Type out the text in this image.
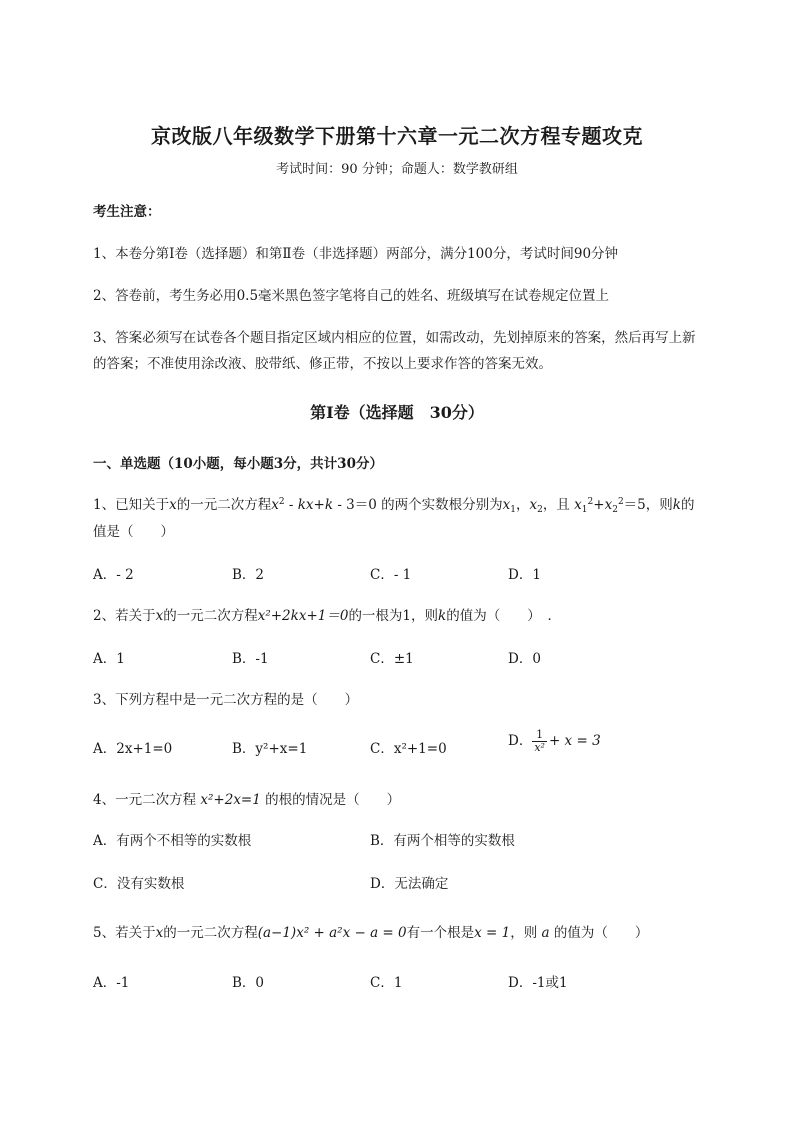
京改版八年级数学下册第十六章一元二次方程专题攻克
考试时间：90 分钟；命题人：数学教研组
考生注意：
1、本卷分第Ⅰ卷（选择题）和第Ⅱ卷（非选择题）两部分，满分100分，考试时间90分钟
2、答卷前，考生务必用0.5毫米黑色签字笔将自己的姓名、班级填写在试卷规定位置上
3、答案必须写在试卷各个题目指定区域内相应的位置，如需改动，先划掉原来的答案，然后再写上新
的答案；不准使用涂改液、胶带纸、修正带，不按以上要求作答的答案无效。
第Ⅰ卷（选择题　30分）
一、单选题（10小题，每小题3分，共计30分）
1、已知关于x的一元二次方程$x^2 - kx+k - 3=0$ 的两个实数根分别为$x_1$，$x_2$，且 $x_1^2+x_2^2=5$，则k的
值是（　　）
A．- 2	B．2	C．- 1	D．1
2、若关于x的一元二次方程x²+2kx+1＝0的一根为1，则k的值为（　　）　．
A．1	B．-1	C．±1	D．0
3、下列方程中是一元二次方程的是（　　）
A．2x+1=0	B．y²+x=1	C．x²+1=0	D． $\frac{1}{\text{x²}} + x = 3$
4、一元二次方程 x²+2x=1 的根的情况是（　　）
A．有两个不相等的实数根	B．有两个相等的实数根
C．没有实数根	D．无法确定
5、若关于x的一元二次方程(a−1)x² + a²x − a = 0有一个根是x = 1，则 a 的值为（　　）
A．-1	B．0	C．1	D．-1或1
